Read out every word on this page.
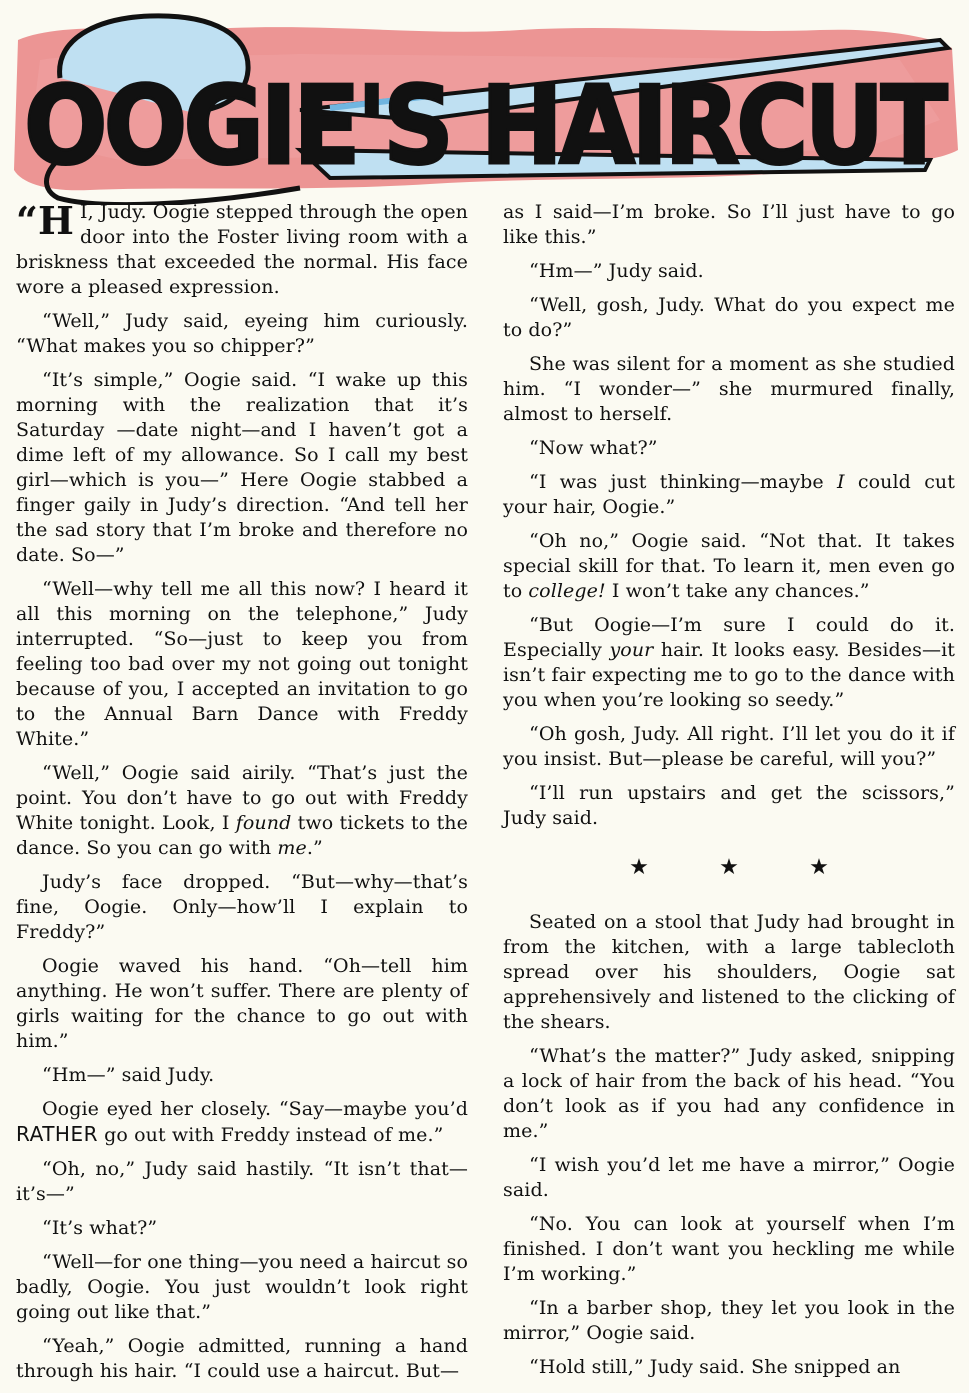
OOGIE'S HAIRCUT

“H I, Judy. Oogie stepped through the open door into the Foster living room with a briskness that exceeded the normal. His face wore a pleased expression.

“Well,” Judy said, eyeing him curiously. “What makes you so chipper?”

“It’s simple,” Oogie said. “I wake up this morning with the realization that it’s Saturday —date night—and I haven’t got a dime left of my allowance. So I call my best girl—which is you—” Here Oogie stabbed a finger gaily in Judy’s direction. “And tell her the sad story that I’m broke and therefore no date. So—”

“Well—why tell me all this now? I heard it all this morning on the telephone,” Judy interrupted. “So—just to keep you from feeling too bad over my not going out tonight because of you, I accepted an invitation to go to the Annual Barn Dance with Freddy White.”

“Well,” Oogie said airily. “That’s just the point. You don’t have to go out with Freddy White tonight. Look, I found two tickets to the dance. So you can go with me.”

Judy’s face dropped. “But—why—that’s fine, Oogie. Only—how’ll I explain to Freddy?”

Oogie waved his hand. “Oh—tell him anything. He won’t suffer. There are plenty of girls waiting for the chance to go out with him.”

“Hm—” said Judy.

Oogie eyed her closely. “Say—maybe you’d RATHER go out with Freddy instead of me.”

“Oh, no,” Judy said hastily. “It isn’t that— it’s—”

“It’s what?”

“Well—for one thing—you need a haircut so badly, Oogie. You just wouldn’t look right going out like that.”

“Yeah,” Oogie admitted, running a hand through his hair. “I could use a haircut. But—

as I said—I’m broke. So I’ll just have to go like this.”

“Hm—” Judy said.

“Well, gosh, Judy. What do you expect me to do?”

She was silent for a moment as she studied him. “I wonder—” she murmured finally, almost to herself.

“Now what?”

“I was just thinking—maybe I could cut your hair, Oogie.”

“Oh no,” Oogie said. “Not that. It takes special skill for that. To learn it, men even go to college! I won’t take any chances.”

“But Oogie—I’m sure I could do it. Especially your hair. It looks easy. Besides—it isn’t fair expecting me to go to the dance with you when you’re looking so seedy.”

“Oh gosh, Judy. All right. I’ll let you do it if you insist. But—please be careful, will you?”

“I’ll run upstairs and get the scissors,” Judy said.

★	★	★

Seated on a stool that Judy had brought in from the kitchen, with a large tablecloth spread over his shoulders, Oogie sat apprehensively and listened to the clicking of the shears.

“What’s the matter?” Judy asked, snipping a lock of hair from the back of his head. “You don’t look as if you had any confidence in me.”

“I wish you’d let me have a mirror,” Oogie said.

“No. You can look at yourself when I’m finished. I don’t want you heckling me while I’m working.”

“In a barber shop, they let you look in the mirror,” Oogie said.

“Hold still,” Judy said. She snipped an
